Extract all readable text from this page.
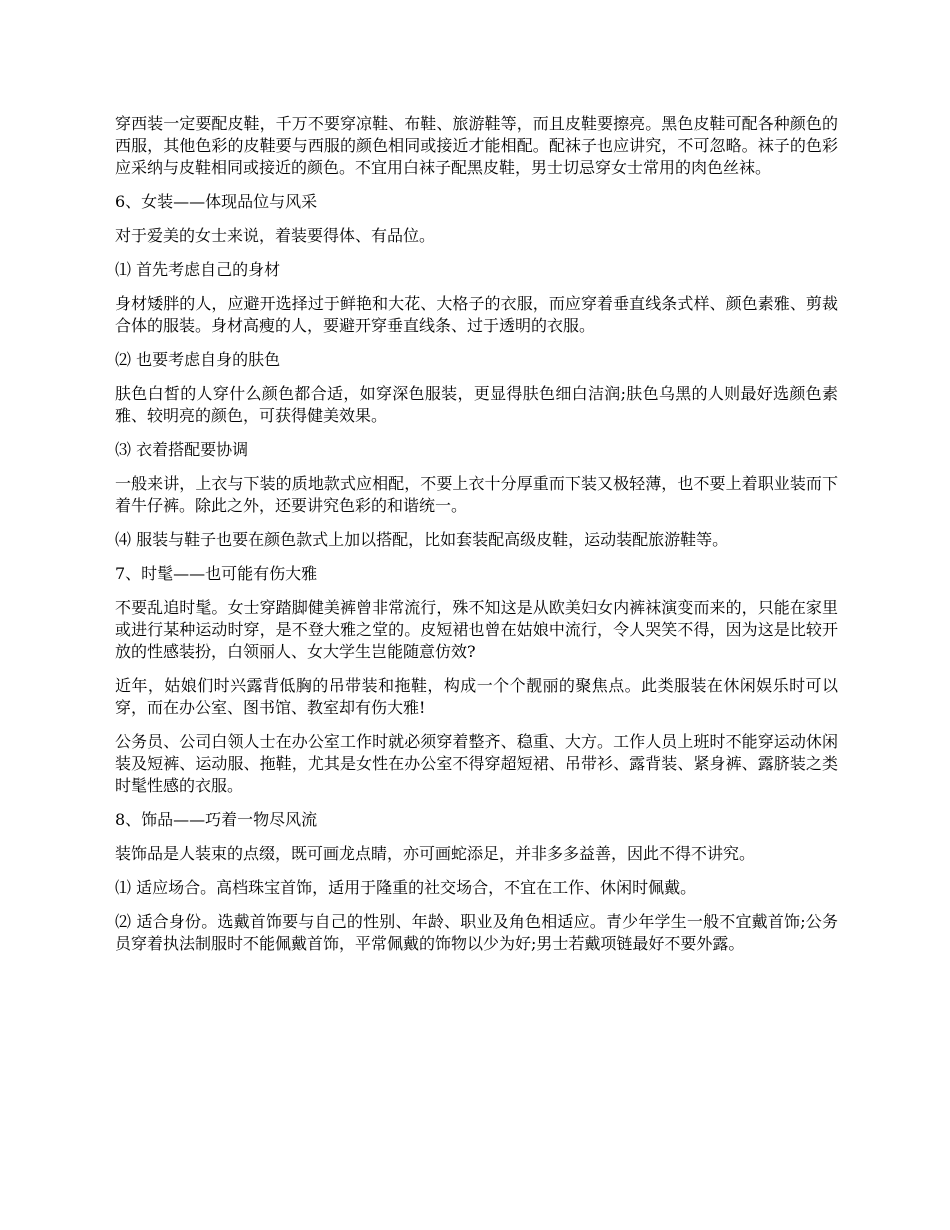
穿西装一定要配皮鞋，千万不要穿凉鞋、布鞋、旅游鞋等，而且皮鞋要擦亮。黑色皮鞋可配各种颜色的西服，其他色彩的皮鞋要与西服的颜色相同或接近才能相配。配袜子也应讲究，不可忽略。袜子的色彩应采纳与皮鞋相同或接近的颜色。不宜用白袜子配黑皮鞋，男士切忌穿女士常用的肉色丝袜。

6、女装——体现品位与风采

对于爱美的女士来说，着装要得体、有品位。

⑴ 首先考虑自己的身材

身材矮胖的人，应避开选择过于鲜艳和大花、大格子的衣服，而应穿着垂直线条式样、颜色素雅、剪裁合体的服装。身材高瘦的人，要避开穿垂直线条、过于透明的衣服。

⑵ 也要考虑自身的肤色

肤色白皙的人穿什么颜色都合适，如穿深色服装，更显得肤色细白洁润;肤色乌黑的人则最好选颜色素雅、较明亮的颜色，可获得健美效果。

⑶ 衣着搭配要协调

一般来讲，上衣与下装的质地款式应相配，不要上衣十分厚重而下装又极轻薄，也不要上着职业装而下着牛仔裤。除此之外，还要讲究色彩的和谐统一。

⑷ 服装与鞋子也要在颜色款式上加以搭配，比如套装配高级皮鞋，运动装配旅游鞋等。

7、时髦——也可能有伤大雅

不要乱追时髦。女士穿踏脚健美裤曾非常流行，殊不知这是从欧美妇女内裤袜演变而来的，只能在家里或进行某种运动时穿，是不登大雅之堂的。皮短裙也曾在姑娘中流行，令人哭笑不得，因为这是比较开放的性感装扮，白领丽人、女大学生岂能随意仿效?

近年，姑娘们时兴露背低胸的吊带装和拖鞋，构成一个个靓丽的聚焦点。此类服装在休闲娱乐时可以穿，而在办公室、图书馆、教室却有伤大雅!

公务员、公司白领人士在办公室工作时就必须穿着整齐、稳重、大方。工作人员上班时不能穿运动休闲装及短裤、运动服、拖鞋，尤其是女性在办公室不得穿超短裙、吊带衫、露背装、紧身裤、露脐装之类时髦性感的衣服。

8、饰品——巧着一物尽风流

装饰品是人装束的点缀，既可画龙点睛，亦可画蛇添足，并非多多益善，因此不得不讲究。

⑴ 适应场合。高档珠宝首饰，适用于隆重的社交场合，不宜在工作、休闲时佩戴。

⑵ 适合身份。选戴首饰要与自己的性别、年龄、职业及角色相适应。青少年学生一般不宜戴首饰;公务员穿着执法制服时不能佩戴首饰，平常佩戴的饰物以少为好;男士若戴项链最好不要外露。
